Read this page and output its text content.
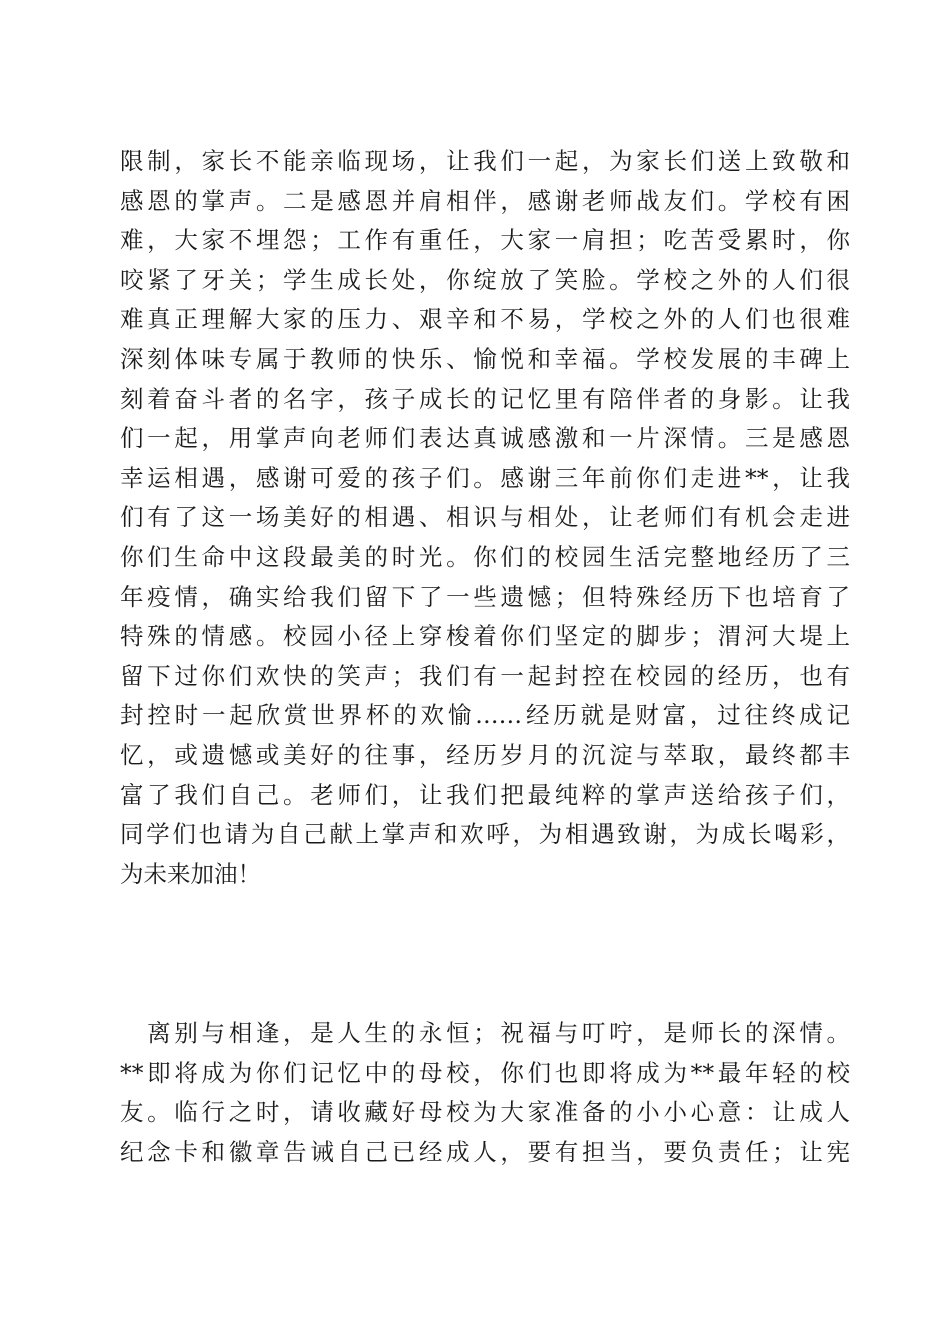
限制，家长不能亲临现场，让我们一起，为家长们送上致敬和
感恩的掌声。二是感恩并肩相伴，感谢老师战友们。学校有困
难，大家不埋怨；工作有重任，大家一肩担；吃苦受累时，你
咬紧了牙关；学生成长处，你绽放了笑脸。学校之外的人们很
难真正理解大家的压力、艰辛和不易，学校之外的人们也很难
深刻体味专属于教师的快乐、愉悦和幸福。学校发展的丰碑上
刻着奋斗者的名字，孩子成长的记忆里有陪伴者的身影。让我
们一起，用掌声向老师们表达真诚感激和一片深情。三是感恩
幸运相遇，感谢可爱的孩子们。感谢三年前你们走进**，让我
们有了这一场美好的相遇、相识与相处，让老师们有机会走进
你们生命中这段最美的时光。你们的校园生活完整地经历了三
年疫情，确实给我们留下了一些遗憾；但特殊经历下也培育了
特殊的情感。校园小径上穿梭着你们坚定的脚步；渭河大堤上
留下过你们欢快的笑声；我们有一起封控在校园的经历，也有
封控时一起欣赏世界杯的欢愉……经历就是财富，过往终成记
忆，或遗憾或美好的往事，经历岁月的沉淀与萃取，最终都丰
富了我们自己。老师们，让我们把最纯粹的掌声送给孩子们，
同学们也请为自己献上掌声和欢呼，为相遇致谢，为成长喝彩，
为未来加油！
　离别与相逢，是人生的永恒；祝福与叮咛，是师长的深情。
**即将成为你们记忆中的母校，你们也即将成为**最年轻的校
友。临行之时，请收藏好母校为大家准备的小小心意：让成人
纪念卡和徽章告诫自己已经成人，要有担当，要负责任；让宪
